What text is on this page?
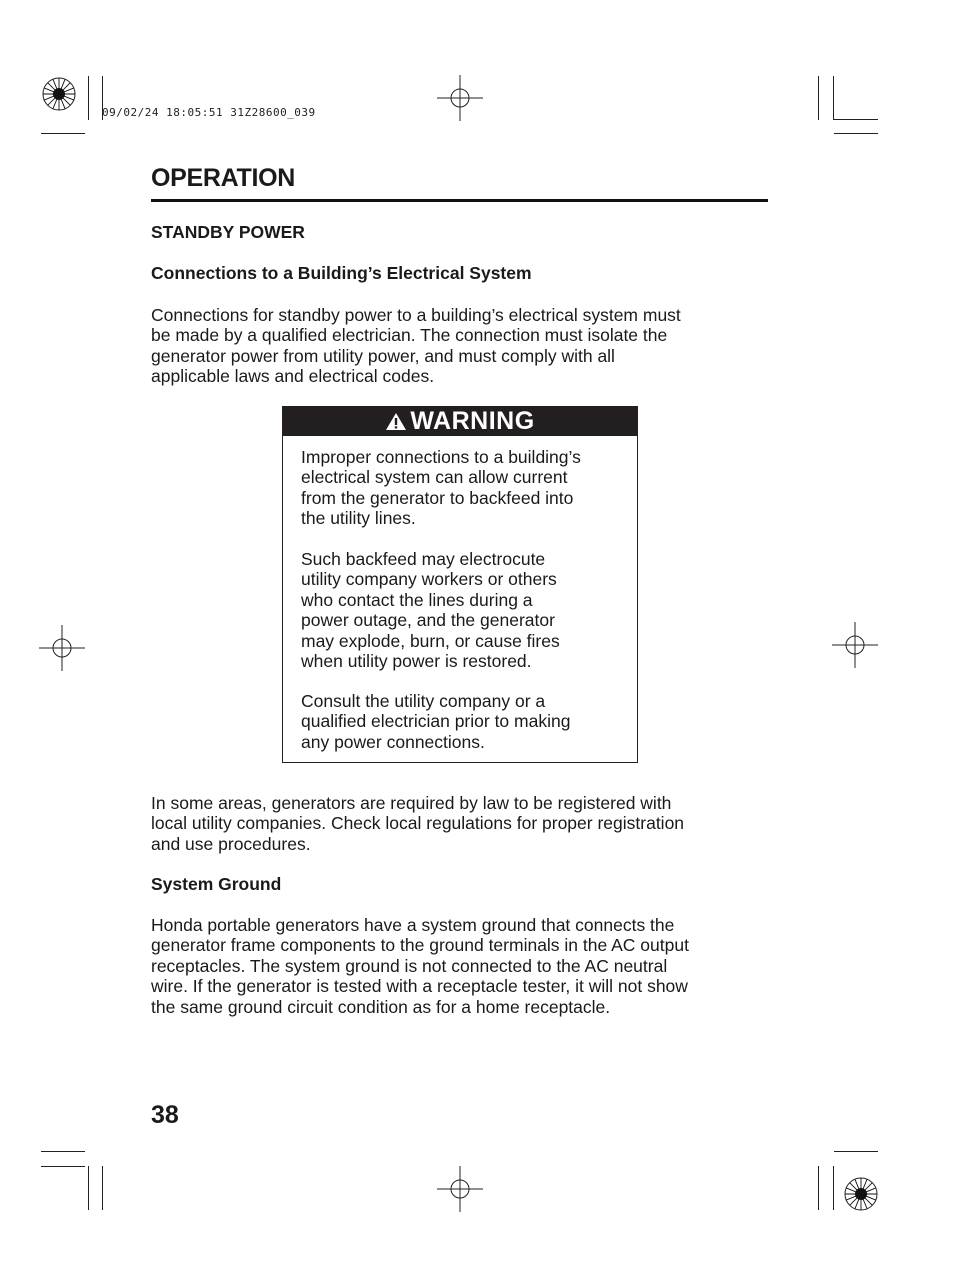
09/02/24 18:05:51 31Z28600_039
OPERATION
STANDBY POWER
Connections to a Building’s Electrical System
Connections for standby power to a building’s electrical system must
be made by a qualified electrician. The connection must isolate the
generator power from utility power, and must comply with all
applicable laws and electrical codes.
WARNING
Improper connections to a building’s
electrical system can allow current
from the generator to backfeed into
the utility lines.
Such backfeed may electrocute
utility company workers or others
who contact the lines during a
power outage, and the generator
may explode, burn, or cause fires
when utility power is restored.
Consult the utility company or a
qualified electrician prior to making
any power connections.
In some areas, generators are required by law to be registered with
local utility companies. Check local regulations for proper registration
and use procedures.
System Ground
Honda portable generators have a system ground that connects the
generator frame components to the ground terminals in the AC output
receptacles. The system ground is not connected to the AC neutral
wire. If the generator is tested with a receptacle tester, it will not show
the same ground circuit condition as for a home receptacle.
38
